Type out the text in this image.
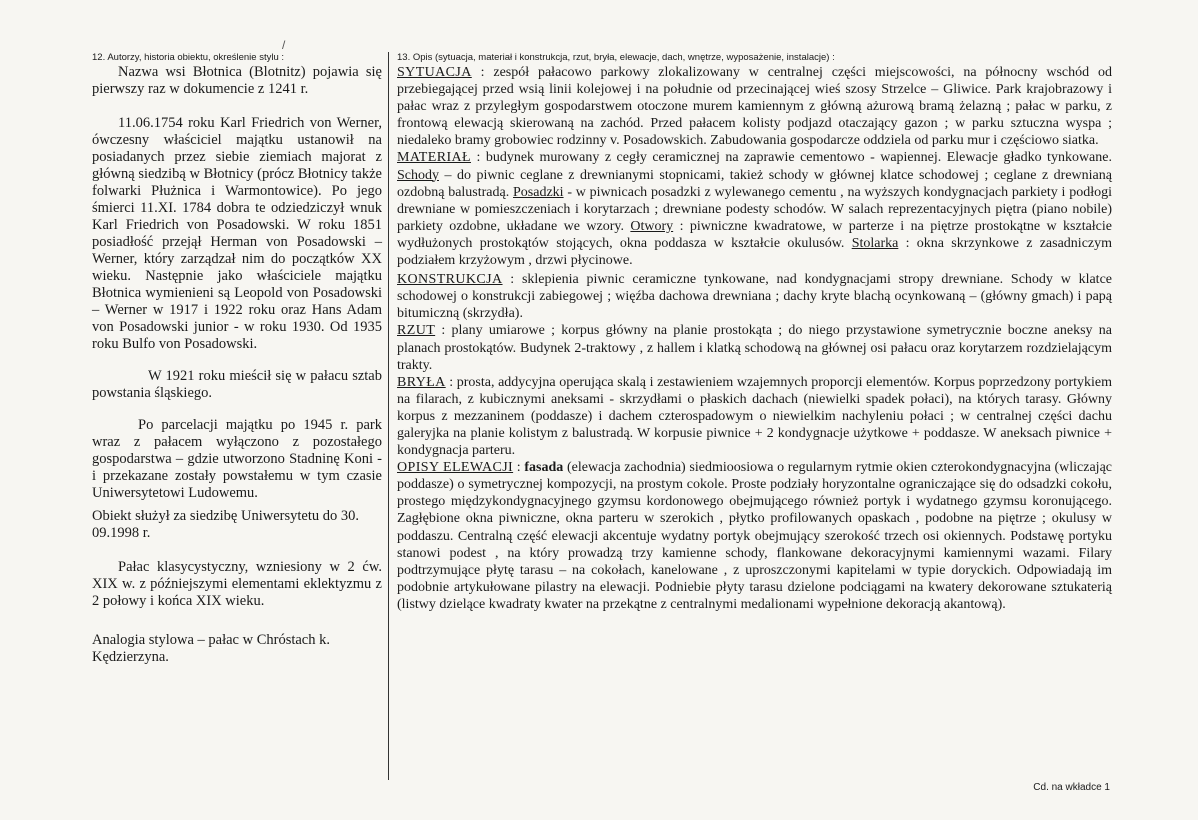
/
12. Autorzy, historia obiektu, określenie stylu :

Nazwa wsi Błotnica (Blotnitz) pojawia się pierwszy raz w dokumencie z 1241 r.

11.06.1754 roku Karl Friedrich von Werner, ówczesny właściciel majątku ustanowił na posiadanych przez siebie ziemiach majorat z główną siedzibą w Błotnicy (prócz Błotnicy także folwarki Płużnica i Warmontowice). Po jego śmierci 11.XI. 1784 dobra te odziedziczył wnuk Karl Friedrich von Posadowski. W roku 1851 posiadłość przejął Herman von Posadowski – Werner, który zarządzał nim do początków XX wieku. Następnie jako właściciele majątku Błotnica wymienieni są Leopold von Posadowski – Werner w 1917 i 1922 roku oraz Hans Adam von Posadowski junior - w roku 1930. Od 1935 roku Bulfo von Posadowski.

W 1921 roku mieścił się w pałacu sztab powstania śląskiego.

Po parcelacji majątku po 1945 r. park wraz z pałacem wyłączono z pozostałego gospodarstwa – gdzie utworzono Stadninę Koni - i przekazane zostały powstałemu w tym czasie Uniwersytetowi Ludowemu.

Obiekt służył za siedzibę Uniwersytetu do 30. 09.1998 r.

Pałac klasycystyczny, wzniesiony w 2 ćw. XIX w. z późniejszymi elementami eklektyzmu z 2 połowy i końca XIX wieku.

Analogia stylowa – pałac w Chróstach k. Kędzierzyna.

13. Opis (sytuacja, materiał i konstrukcja, rzut, bryła, elewacje, dach, wnętrze, wyposażenie, instalacje) :

SYTUACJA : zespół pałacowo parkowy zlokalizowany w centralnej części miejscowości, na północny wschód od przebiegającej przed wsią linii kolejowej i na południe od przecinającej wieś szosy Strzelce – Gliwice. Park krajobrazowy i pałac wraz z przyległym gospodarstwem otoczone murem kamiennym z główną ażurową bramą żelazną ; pałac w parku, z frontową elewacją skierowaną na zachód. Przed pałacem kolisty podjazd otaczający gazon ; w parku sztuczna wyspa ; niedaleko bramy grobowiec rodzinny v. Posadowskich. Zabudowania gospodarcze oddziela od parku mur i częściowo siatka.

MATERIAŁ : budynek murowany z cegły ceramicznej na zaprawie cementowo - wapiennej. Elewacje gładko tynkowane. Schody – do piwnic ceglane z drewnianymi stopnicami, takież schody w głównej klatce schodowej ; ceglane z drewnianą ozdobną balustradą. Posadzki - w piwnicach posadzki z wylewanego cementu , na wyższych kondygnacjach parkiety i podłogi drewniane w pomieszczeniach i korytarzach ; drewniane podesty schodów. W salach reprezentacyjnych piętra (piano nobile) parkiety ozdobne, układane we wzory. Otwory : piwniczne kwadratowe, w parterze i na piętrze prostokątne w kształcie wydłużonych prostokątów stojących, okna poddasza w kształcie okulusów. Stolarka : okna skrzynkowe z zasadniczym podziałem krzyżowym , drzwi płycinowe.

KONSTRUKCJA : sklepienia piwnic ceramiczne tynkowane, nad kondygnacjami stropy drewniane. Schody w klatce schodowej o konstrukcji zabiegowej ; więźba dachowa drewniana ; dachy kryte blachą ocynkowaną – (główny gmach) i papą bitumiczną (skrzydła).

RZUT : plany umiarowe ; korpus główny na planie prostokąta ; do niego przystawione symetrycznie boczne aneksy na planach prostokątów. Budynek 2-traktowy , z hallem i klatką schodową na głównej osi pałacu oraz korytarzem rozdzielającym trakty.

BRYŁA : prosta, addycyjna operująca skalą i zestawieniem wzajemnych proporcji elementów. Korpus poprzedzony portykiem na filarach, z kubicznymi aneksami - skrzydłami o płaskich dachach (niewielki spadek połaci), na których tarasy. Główny korpus z mezzaninem (poddasze) i dachem czterospadowym o niewielkim nachyleniu połaci ; w centralnej części dachu galeryjka na planie kolistym z balustradą. W korpusie piwnice + 2 kondygnacje użytkowe + poddasze. W aneksach piwnice + kondygnacja parteru.

OPISY ELEWACJI : fasada (elewacja zachodnia) siedmioosiowa o regularnym rytmie okien czterokondygnacyjna (wliczając poddasze) o symetrycznej kompozycji, na prostym cokole. Proste podziały horyzontalne ograniczające się do odsadzki cokołu, prostego międzykondygnacyjnego gzymsu kordonowego obejmującego również portyk i wydatnego gzymsu koronującego. Zagłębione okna piwniczne, okna parteru w szerokich , płytko profilowanych opaskach , podobne na piętrze ; okulusy w poddaszu. Centralną część elewacji akcentuje wydatny portyk obejmujący szerokość trzech osi okiennych. Podstawę portyku stanowi podest , na który prowadzą trzy kamienne schody, flankowane dekoracyjnymi kamiennymi wazami. Filary podtrzymujące płytę tarasu – na cokołach, kanelowane , z uproszczonymi kapitelami w typie doryckich. Odpowiadają im podobnie artykułowane pilastry na elewacji. Podniebie płyty tarasu dzielone podciągami na kwatery dekorowane sztukaterią (listwy dzielące kwadraty kwater na przekątne z centralnymi medalionami wypełnione dekoracją akantową).

Cd. na wkładce 1
